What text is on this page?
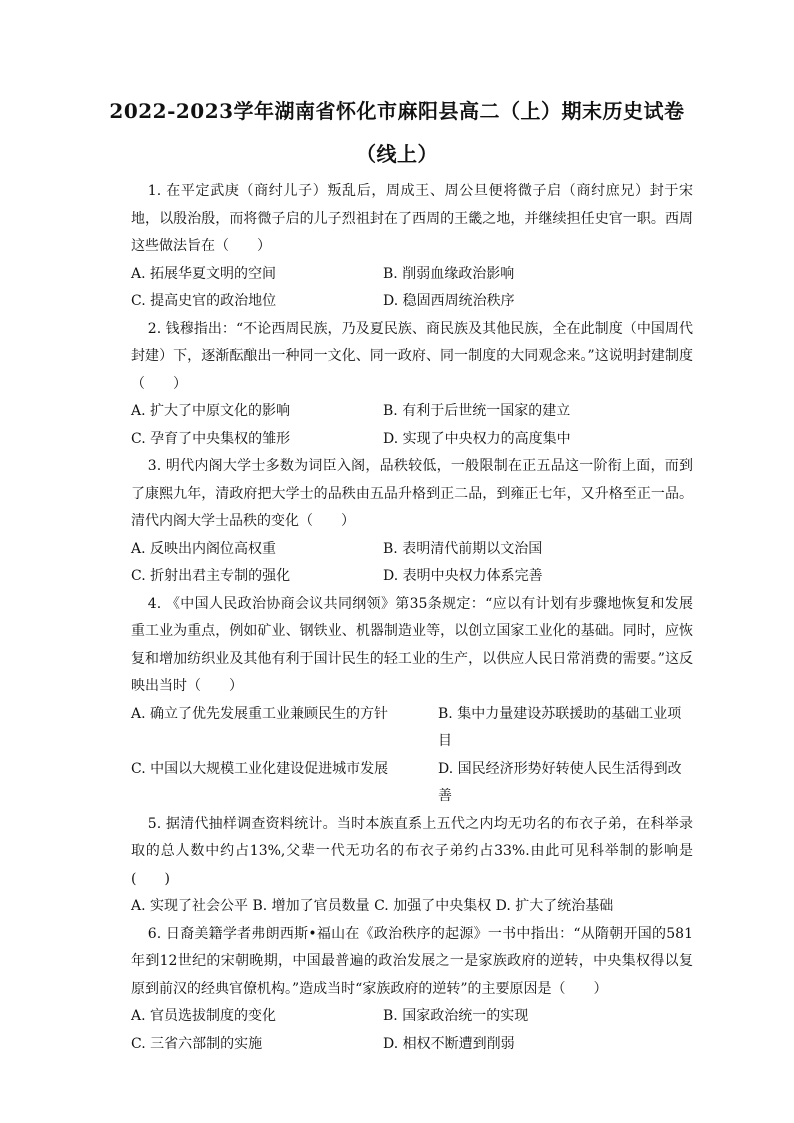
2022-2023学年湖南省怀化市麻阳县高二（上）期末历史试卷
（线上）

1. 在平定武庚（商纣儿子）叛乱后，周成王、周公旦便将微子启（商纣庶兄）封于宋地，以殷治殷，而将微子启的儿子烈祖封在了西周的王畿之地，并继续担任史官一职。西周这些做法旨在（　　）

A. 拓展华夏文明的空间	B. 削弱血缘政治影响
C. 提高史官的政治地位	D. 稳固西周统治秩序

2. 钱穆指出：“不论西周民族，乃及夏民族、商民族及其他民族，全在此制度（中国周代封建）下，逐渐酝酿出一种同一文化、同一政府、同一制度的大同观念来。”这说明封建制度（　　）

A. 扩大了中原文化的影响	B. 有利于后世统一国家的建立
C. 孕育了中央集权的雏形	D. 实现了中央权力的高度集中

3. 明代内阁大学士多数为词臣入阁，品秩较低，一般限制在正五品这一阶衔上面，而到了康熙九年，清政府把大学士的品秩由五品升格到正二品，到雍正七年，又升格至正一品。清代内阁大学士品秩的变化（　　）

A. 反映出内阁位高权重	B. 表明清代前期以文治国
C. 折射出君主专制的强化	D. 表明中央权力体系完善

4. 《中国人民政治协商会议共同纲领》第35条规定：“应以有计划有步骤地恢复和发展重工业为重点，例如矿业、钢铁业、机器制造业等，以创立国家工业化的基础。同时，应恢复和增加纺织业及其他有利于国计民生的轻工业的生产，以供应人民日常消费的需要。”这反映出当时（　　）

A. 确立了优先发展重工业兼顾民生的方针	B. 集中力量建设苏联援助的基础工业项目
C. 中国以大规模工业化建设促进城市发展	D. 国民经济形势好转使人民生活得到改善

5. 据清代抽样调查资料统计。当时本族直系上五代之内均无功名的布衣子弟，在科举录取的总人数中约占13%,父辈一代无功名的布衣子弟约占33%.由此可见科举制的影响是(　　)

A. 实现了社会公平 B. 增加了官员数量 C. 加强了中央集权 D. 扩大了统治基础

6. 日裔美籍学者弗朗西斯•福山在《政治秩序的起源》一书中指出：“从隋朝开国的581年到12世纪的宋朝晚期，中国最普遍的政治发展之一是家族政府的逆转，中央集权得以复原到前汉的经典官僚机构。”造成当时“家族政府的逆转”的主要原因是（　　）

A. 官员选拔制度的变化	B. 国家政治统一的实现
C. 三省六部制的实施	D. 相权不断遭到削弱
